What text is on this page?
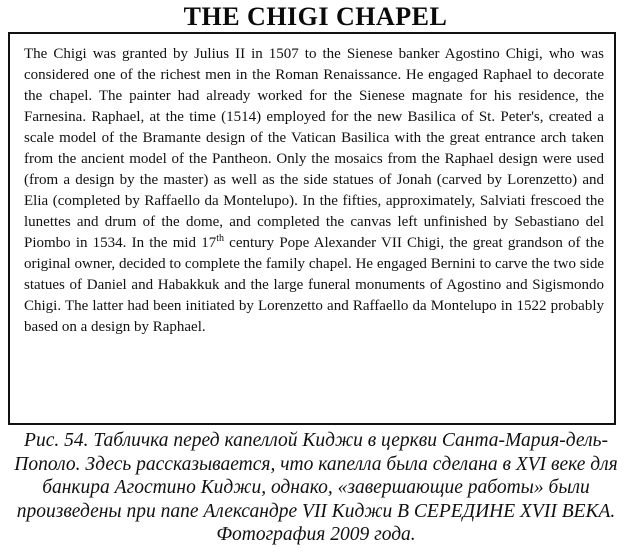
THE CHIGI CHAPEL
The Chigi was granted by Julius II in 1507 to the Sienese banker Agostino Chigi, who was considered one of the richest men in the Roman Renaissance. He engaged Raphael to decorate the chapel. The painter had already worked for the Sienese magnate for his residence, the Farnesina. Raphael, at the time (1514) employed for the new Basilica of St. Peter's, created a scale model of the Bramante design of the Vatican Basilica with the great entrance arch taken from the ancient model of the Pantheon. Only the mosaics from the Raphael design were used (from a design by the master) as well as the side statues of Jonah (carved by Lorenzetto) and Elia (completed by Raffaello da Montelupo). In the fifties, approximately, Salviati frescoed the lunettes and drum of the dome, and completed the canvas left unfinished by Sebastiano del Piombo in 1534. In the mid 17th century Pope Alexander VII Chigi, the great grandson of the original owner, decided to complete the family chapel. He engaged Bernini to carve the two side statues of Daniel and Habakkuk and the large funeral monuments of Agostino and Sigismondo Chigi. The latter had been initiated by Lorenzetto and Raffaello da Montelupo in 1522 probably based on a design by Raphael.
Рис. 54. Табличка перед капеллой Киджи в церкви Санта-Мария-дель-Пополо. Здесь рассказывается, что капелла была сделана в XVI веке для банкира Агостино Киджи, однако, «завершающие работы» были произведены при папе Александре VII Киджи В СЕРЕДИНЕ XVII ВЕКА. Фотография 2009 года.
